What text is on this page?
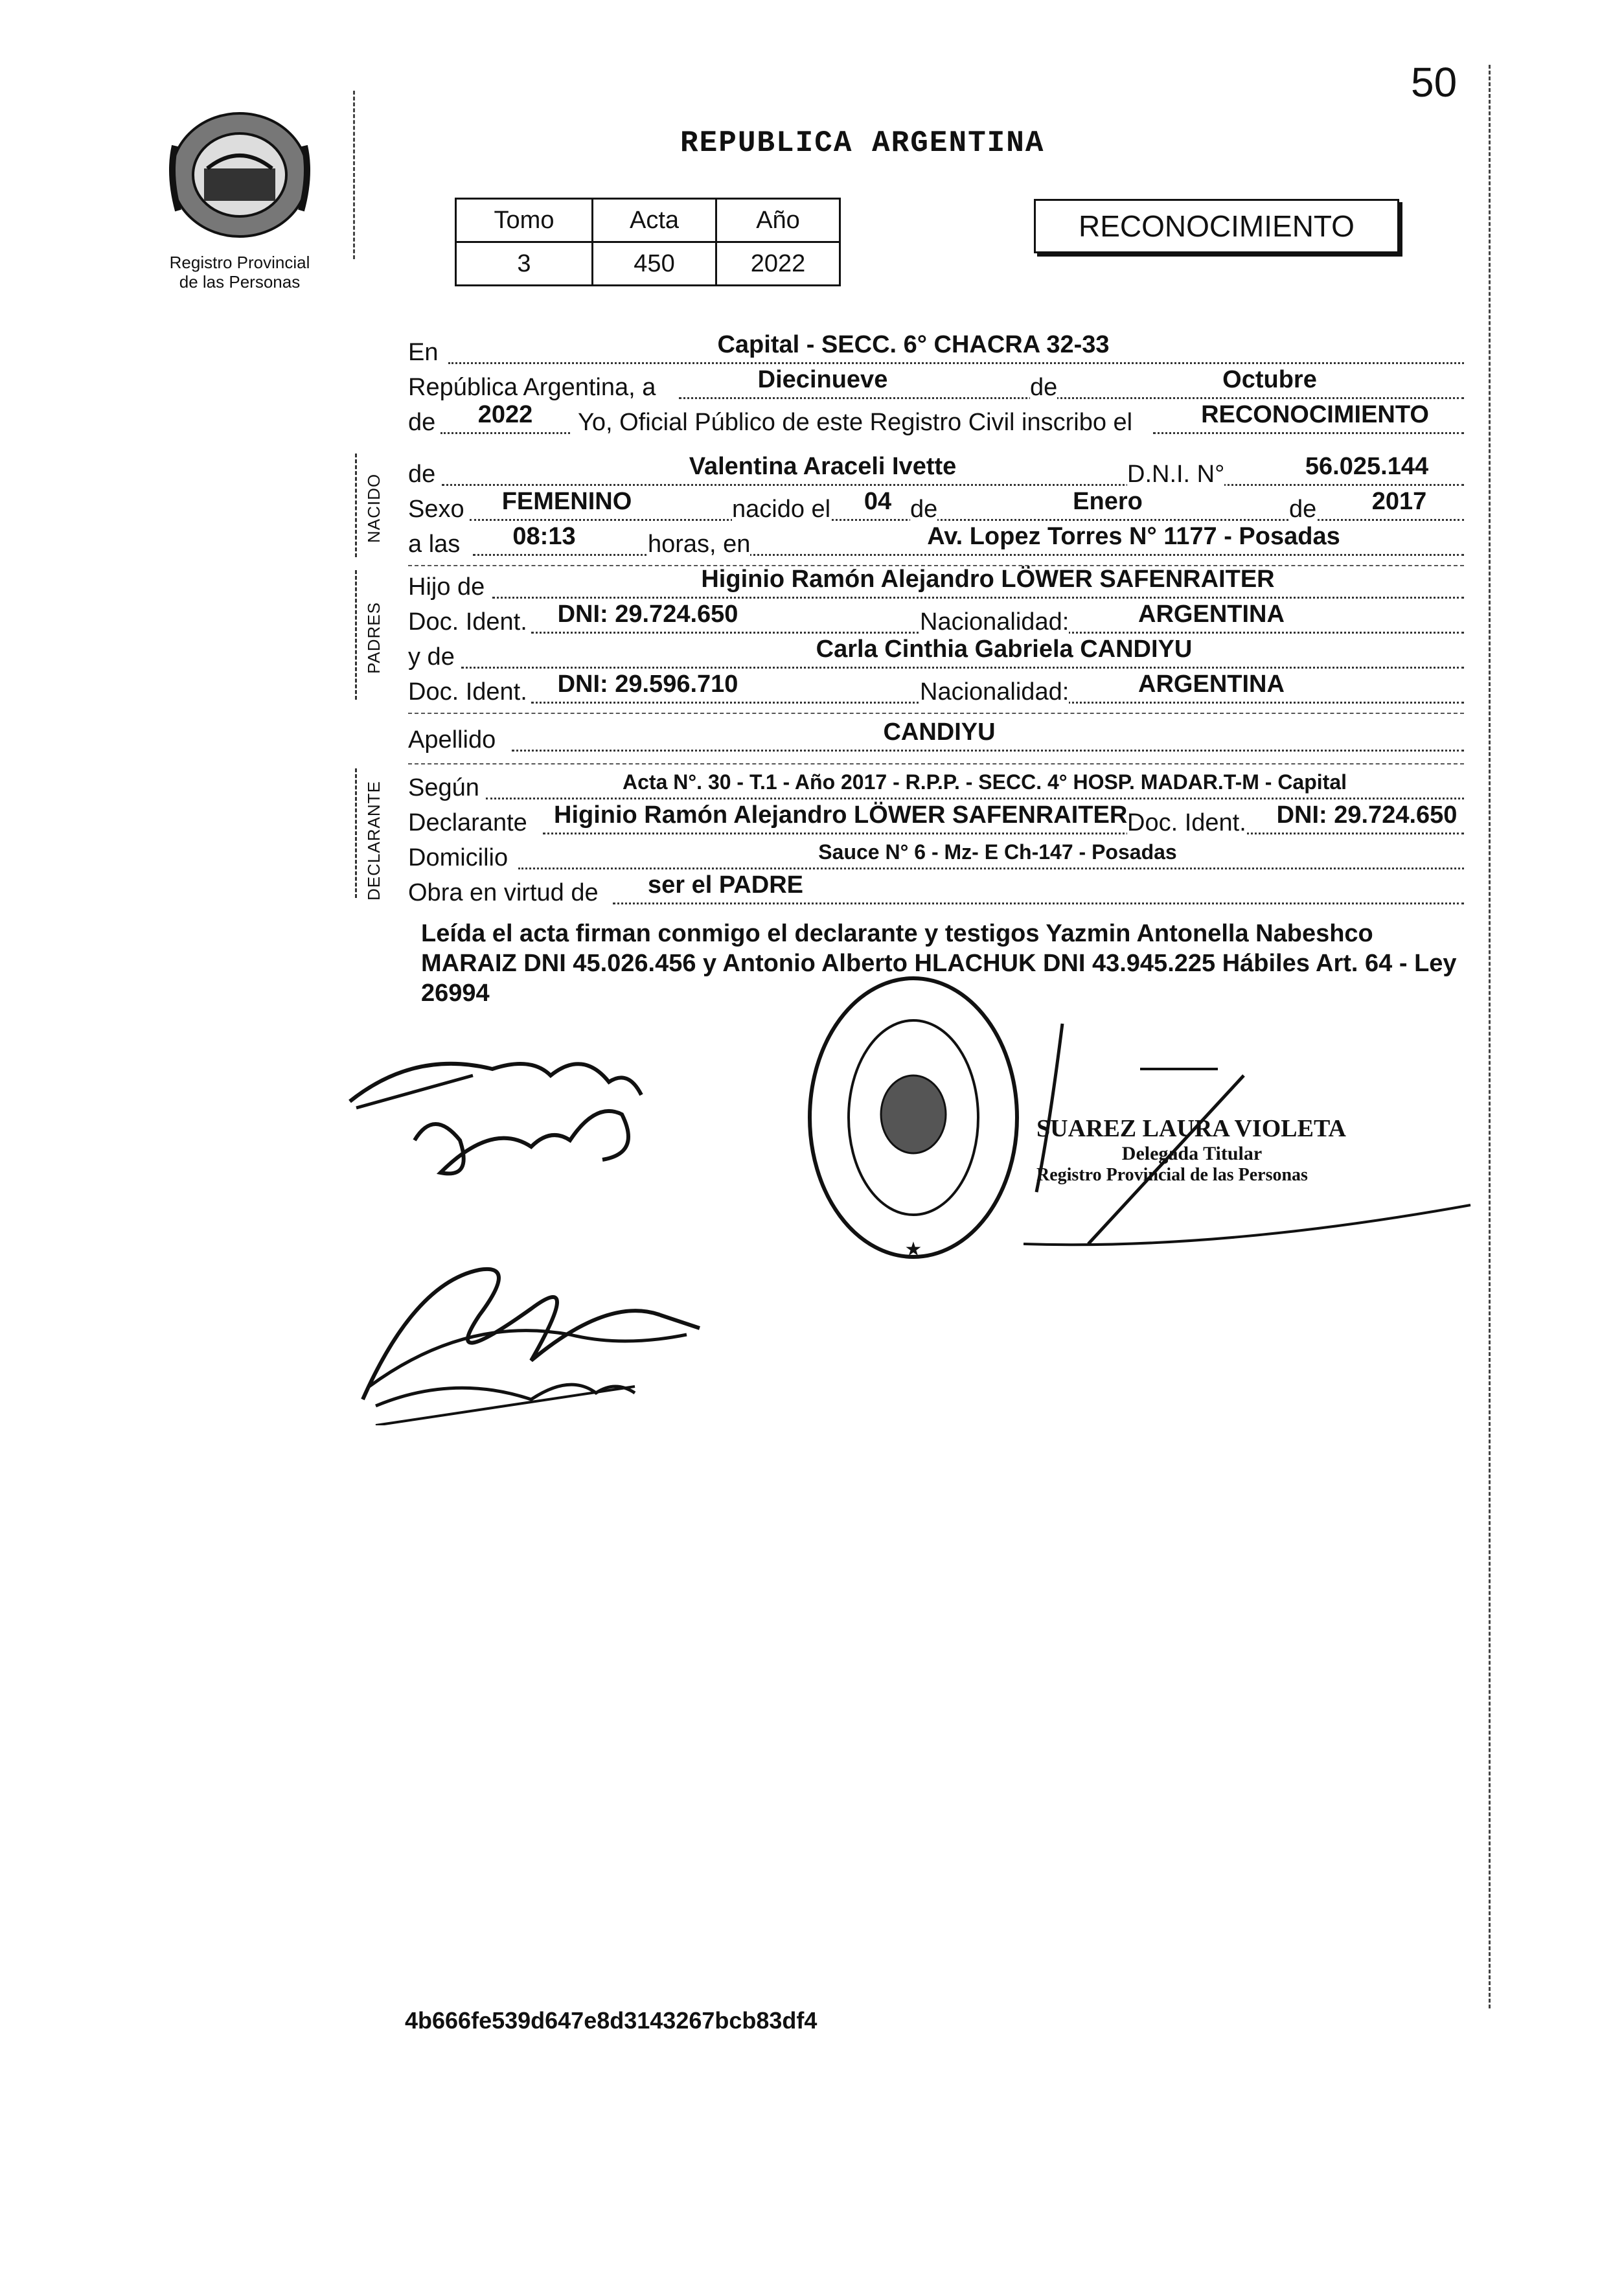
50
Registro Provincial
de las Personas
REPUBLICA ARGENTINA
Tomo	Acta	Año
3	450	2022
RECONOCIMIENTO
En	Capital - SECC. 6° CHACRA 32-33
República Argentina, a	Diecinueve	de	Octubre
de	2022	Yo, Oficial Público de este Registro Civil inscribo el	RECONOCIMIENTO
NACIDO de	Valentina Araceli Ivette	D.N.I. N°	56.025.144
Sexo	FEMENINO	nacido el	04 de	Enero	de	2017
a las	08:13	horas, en	Av. Lopez Torres N° 1177 - Posadas
PADRES
Hijo de	Higinio Ramón Alejandro LÖWER SAFENRAITER
Doc. Ident.	DNI: 29.724.650	Nacionalidad:	ARGENTINA
y de	Carla Cinthia Gabriela CANDIYU
Doc. Ident.	DNI: 29.596.710	Nacionalidad:	ARGENTINA
Apellido	CANDIYU
DECLARANTE Según	Acta N°. 30 - T.1 - Año 2017 - R.P.P. - SECC. 4° HOSP. MADAR.T-M - Capital
Declarante Higinio Ramón Alejandro LÖWER SAFENRAITER Doc. Ident. DNI: 29.724.650
Domicilio	Sauce N° 6 - Mz- E Ch-147 - Posadas
Obra en virtud de	ser el PADRE
Leída el acta firman conmigo el declarante y testigos Yazmin Antonella Nabeshco MARAIZ DNI 45.026.456 y Antonio Alberto HLACHUK DNI 43.945.225 Hábiles Art. 64 - Ley 26994
★
SUAREZ LAURA VIOLETA
Delegada Titular
Registro Provincial de las Personas
4b666fe539d647e8d3143267bcb83df4
